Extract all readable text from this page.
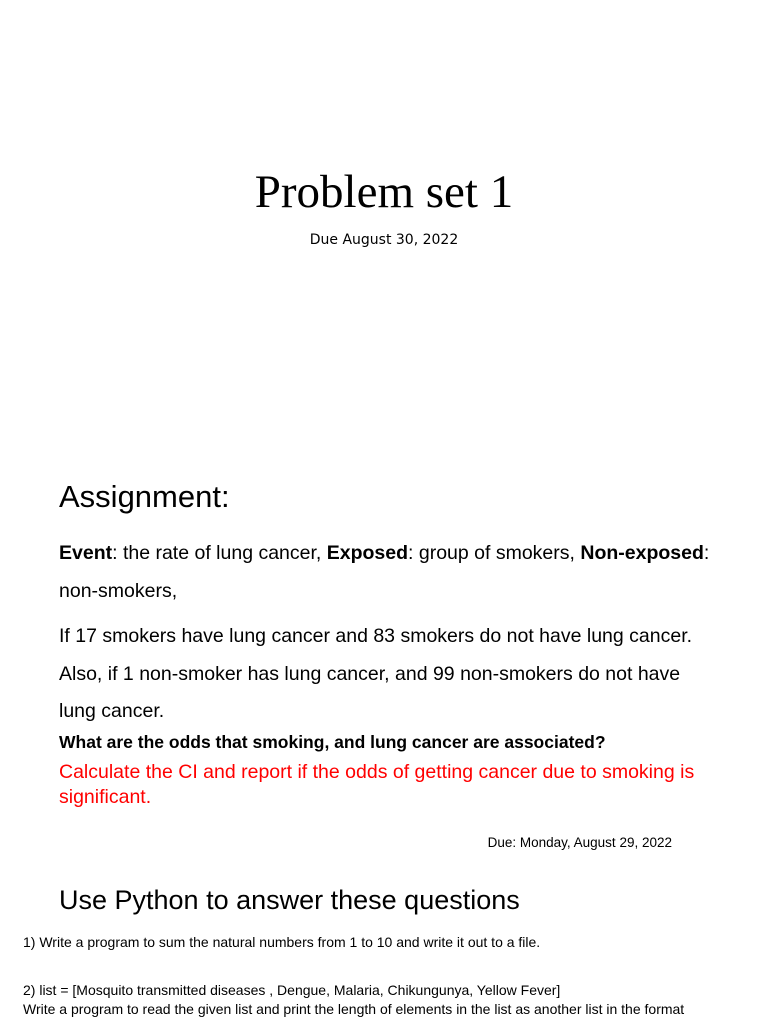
Problem set 1
Due August 30, 2022
Assignment:

Event: the rate of lung cancer, Exposed: group of smokers, Non-exposed: non-smokers,

If 17 smokers have lung cancer and 83 smokers do not have lung cancer. Also, if 1 non-smoker has lung cancer, and 99 non-smokers do not have lung cancer.

What are the odds that smoking, and lung cancer are associated?

Calculate the CI and report if the odds of getting cancer due to smoking is significant.

Due: Monday, August 29, 2022
Use Python to answer these questions

1) Write a program to sum the natural numbers from 1 to 10 and write it out to a file.

2) list = [Mosquito transmitted diseases , Dengue, Malaria, Chikungunya, Yellow Fever]

Write a program to read the given list and print the length of elements in the list as another list in the format
